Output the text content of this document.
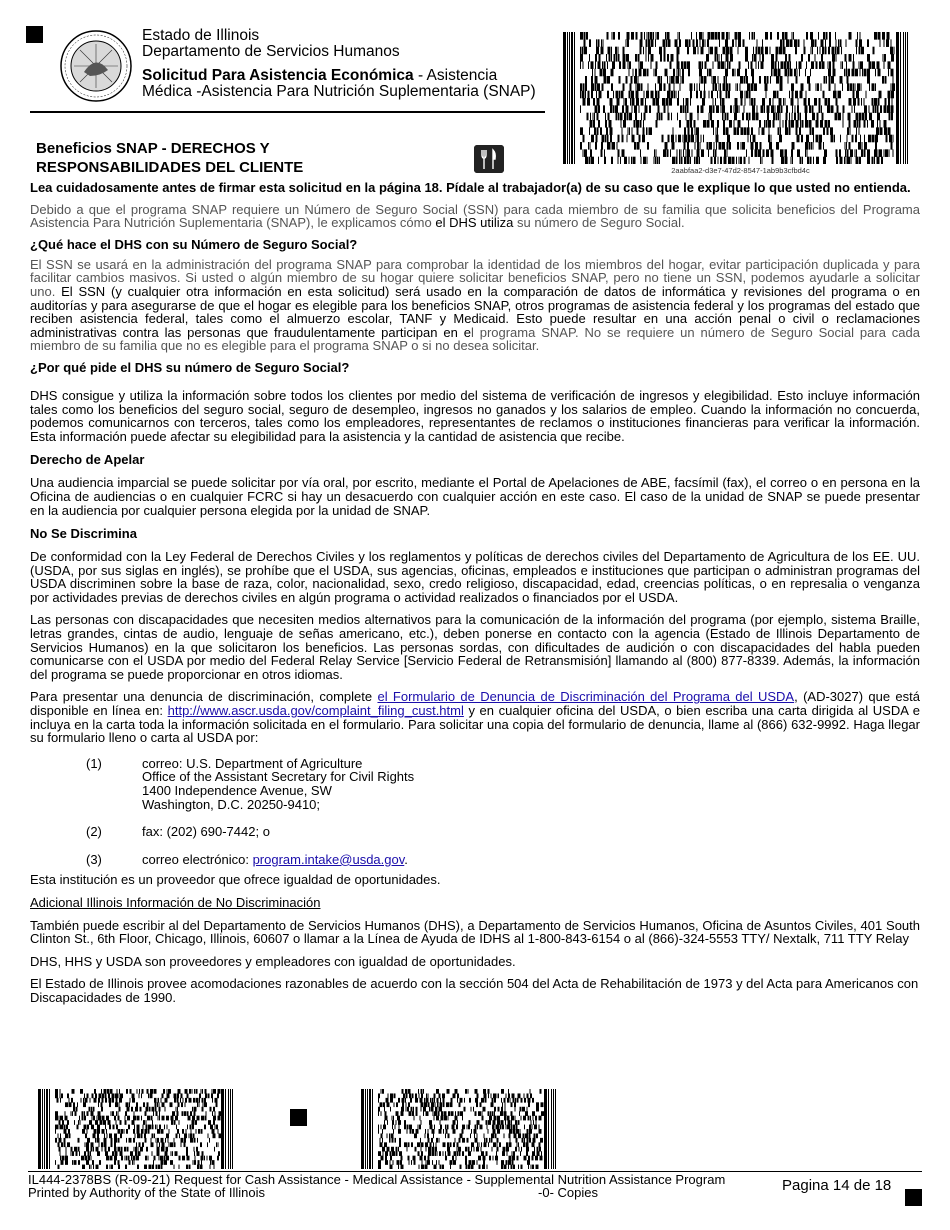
Estado de Illinois
Departamento de Servicios Humanos
Solicitud Para Asistencia Económica - Asistencia
Médica -Asistencia Para Nutrición Suplementaria (SNAP)
2aabfaa2-d3e7-47d2-8547-1ab9b3cfbd4c
Beneficios SNAP - DERECHOS Y
RESPONSABILIDADES DEL CLIENTE

Lea cuidadosamente antes de firmar esta solicitud en la página 18. Pídale al trabajador(a) de su caso que le explique lo que usted no entienda.

Debido a que el programa SNAP requiere un Número de Seguro Social (SSN) para cada miembro de su familia que solicita beneficios del Programa Asistencia Para Nutrición Suplementaria (SNAP), le explicamos cómo el DHS utiliza su número de Seguro Social.

¿Qué hace el DHS con su Número de Seguro Social?

El SSN se usará en la administración del programa SNAP para comprobar la identidad de los miembros del hogar, evitar participación duplicada y para facilitar cambios masivos. Si usted o algún miembro de su hogar quiere solicitar beneficios SNAP, pero no tiene un SSN, podemos ayudarle a solicitar uno. El SSN (y cualquier otra información en esta solicitud) será usado en la comparación de datos de informática y revisiones del programa o en auditorías y para asegurarse de que el hogar es elegible para los beneficios SNAP, otros programas de asistencia federal y los programas del estado que reciben asistencia federal, tales como el almuerzo escolar, TANF y Medicaid. Esto puede resultar en una acción penal o civil o reclamaciones administrativas contra las personas que fraudulentamente participan en el programa SNAP. No se requiere un número de Seguro Social para cada miembro de su familia que no es elegible para el programa SNAP o si no desea solicitar.

¿Por qué pide el DHS su número de Seguro Social?

DHS consigue y utiliza la información sobre todos los clientes por medio del sistema de verificación de ingresos y elegibilidad. Esto incluye información tales como los beneficios del seguro social, seguro de desempleo, ingresos no ganados y los salarios de empleo. Cuando la información no concuerda, podemos comunicarnos con terceros, tales como los empleadores, representantes de reclamos o instituciones financieras para verificar la información. Esta información puede afectar su elegibilidad para la asistencia y la cantidad de asistencia que recibe.

Derecho de Apelar

Una audiencia imparcial se puede solicitar por vía oral, por escrito, mediante el Portal de Apelaciones de ABE, facsímil (fax), el correo o en persona en la Oficina de audiencias o en cualquier FCRC si hay un desacuerdo con cualquier acción en este caso. El caso de la unidad de SNAP se puede presentar en la audiencia por cualquier persona elegida por la unidad de SNAP.

No Se Discrimina

De conformidad con la Ley Federal de Derechos Civiles y los reglamentos y políticas de derechos civiles del Departamento de Agricultura de los EE. UU. (USDA, por sus siglas en inglés), se prohíbe que el USDA, sus agencias, oficinas, empleados e instituciones que participan o administran programas del USDA discriminen sobre la base de raza, color, nacionalidad, sexo, credo religioso, discapacidad, edad, creencias políticas, o en represalia o venganza por actividades previas de derechos civiles en algún programa o actividad realizados o financiados por el USDA.

Las personas con discapacidades que necesiten medios alternativos para la comunicación de la información del programa (por ejemplo, sistema Braille, letras grandes, cintas de audio, lenguaje de señas americano, etc.), deben ponerse en contacto con la agencia (Estado de Illinois Departamento de Servicios Humanos) en la que solicitaron los beneficios. Las personas sordas, con dificultades de audición o con discapacidades del habla pueden comunicarse con el USDA por medio del Federal Relay Service [Servicio Federal de Retransmisión] llamando al (800) 877-8339. Además, la información del programa se puede proporcionar en otros idiomas.

Para presentar una denuncia de discriminación, complete el Formulario de Denuncia de Discriminación del Programa del USDA, (AD-3027) que está disponible en línea en: http://www.ascr.usda.gov/complaint_filing_cust.html y en cualquier oficina del USDA, o bien escriba una carta dirigida al USDA e incluya en la carta toda la información solicitada en el formulario. Para solicitar una copia del formulario de denuncia, llame al (866) 632-9992. Haga llegar su formulario lleno o carta al USDA por:

(1)	correo: U.S. Department of Agriculture
Office of the Assistant Secretary for Civil Rights
1400 Independence Avenue, SW
Washington, D.C. 20250-9410;
(2)	fax: (202) 690-7442; o
(3)	correo electrónico: program.intake@usda.gov.

Esta institución es un proveedor que ofrece igualdad de oportunidades.

Adicional Illinois Información de No Discriminación

También puede escribir al del Departamento de Servicios Humanos (DHS), a Departamento de Servicios Humanos, Oficina de Asuntos Civiles, 401 South Clinton St., 6th Floor, Chicago, Illinois, 60607 o llamar a la Línea de Ayuda de IDHS al 1-800-843-6154 o al (866)-324-5553 TTY/ Nextalk, 711 TTY Relay

DHS, HHS y USDA son proveedores y empleadores con igualdad de oportunidades.

El Estado de Illinois provee acomodaciones razonables de acuerdo con la sección 504 del Acta de Rehabilitación de 1973 y del Acta para Americanos con Discapacidades de 1990.

IL444-2378BS (R-09-21) Request for Cash Assistance - Medical Assistance - Supplemental Nutrition Assistance Program
Printed by Authority of the State of Illinois	-0- Copies	Pagina 14 de 18
